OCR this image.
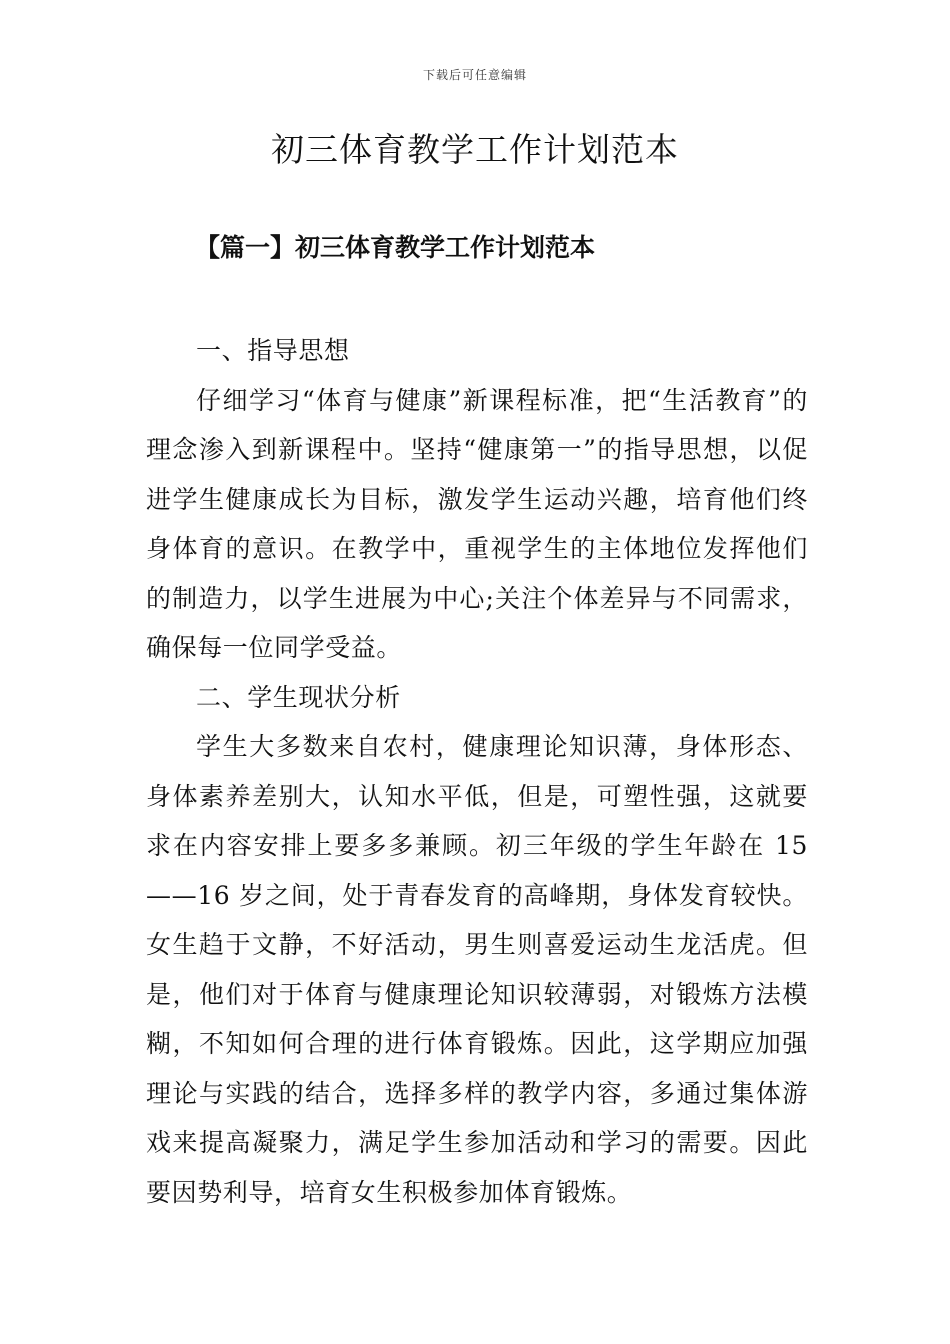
下载后可任意编辑
初三体育教学工作计划范本
【篇一】初三体育教学工作计划范本

一、指导思想

仔细学习“体育与健康”新课程标准，把“生活教育”的理念渗入到新课程中。坚持“健康第一”的指导思想，以促进学生健康成长为目标，激发学生运动兴趣，培育他们终身体育的意识。在教学中，重视学生的主体地位发挥他们的制造力，以学生进展为中心;关注个体差异与不同需求，确保每一位同学受益。

二、学生现状分析

学生大多数来自农村，健康理论知识薄，身体形态、身体素养差别大，认知水平低，但是，可塑性强，这就要求在内容安排上要多多兼顾。初三年级的学生年龄在 15——16 岁之间，处于青春发育的高峰期，身体发育较快。女生趋于文静，不好活动，男生则喜爱运动生龙活虎。但是，他们对于体育与健康理论知识较薄弱，对锻炼方法模糊，不知如何合理的进行体育锻炼。因此，这学期应加强理论与实践的结合，选择多样的教学内容，多通过集体游戏来提高凝聚力，满足学生参加活动和学习的需要。因此要因势利导，培育女生积极参加体育锻炼。
